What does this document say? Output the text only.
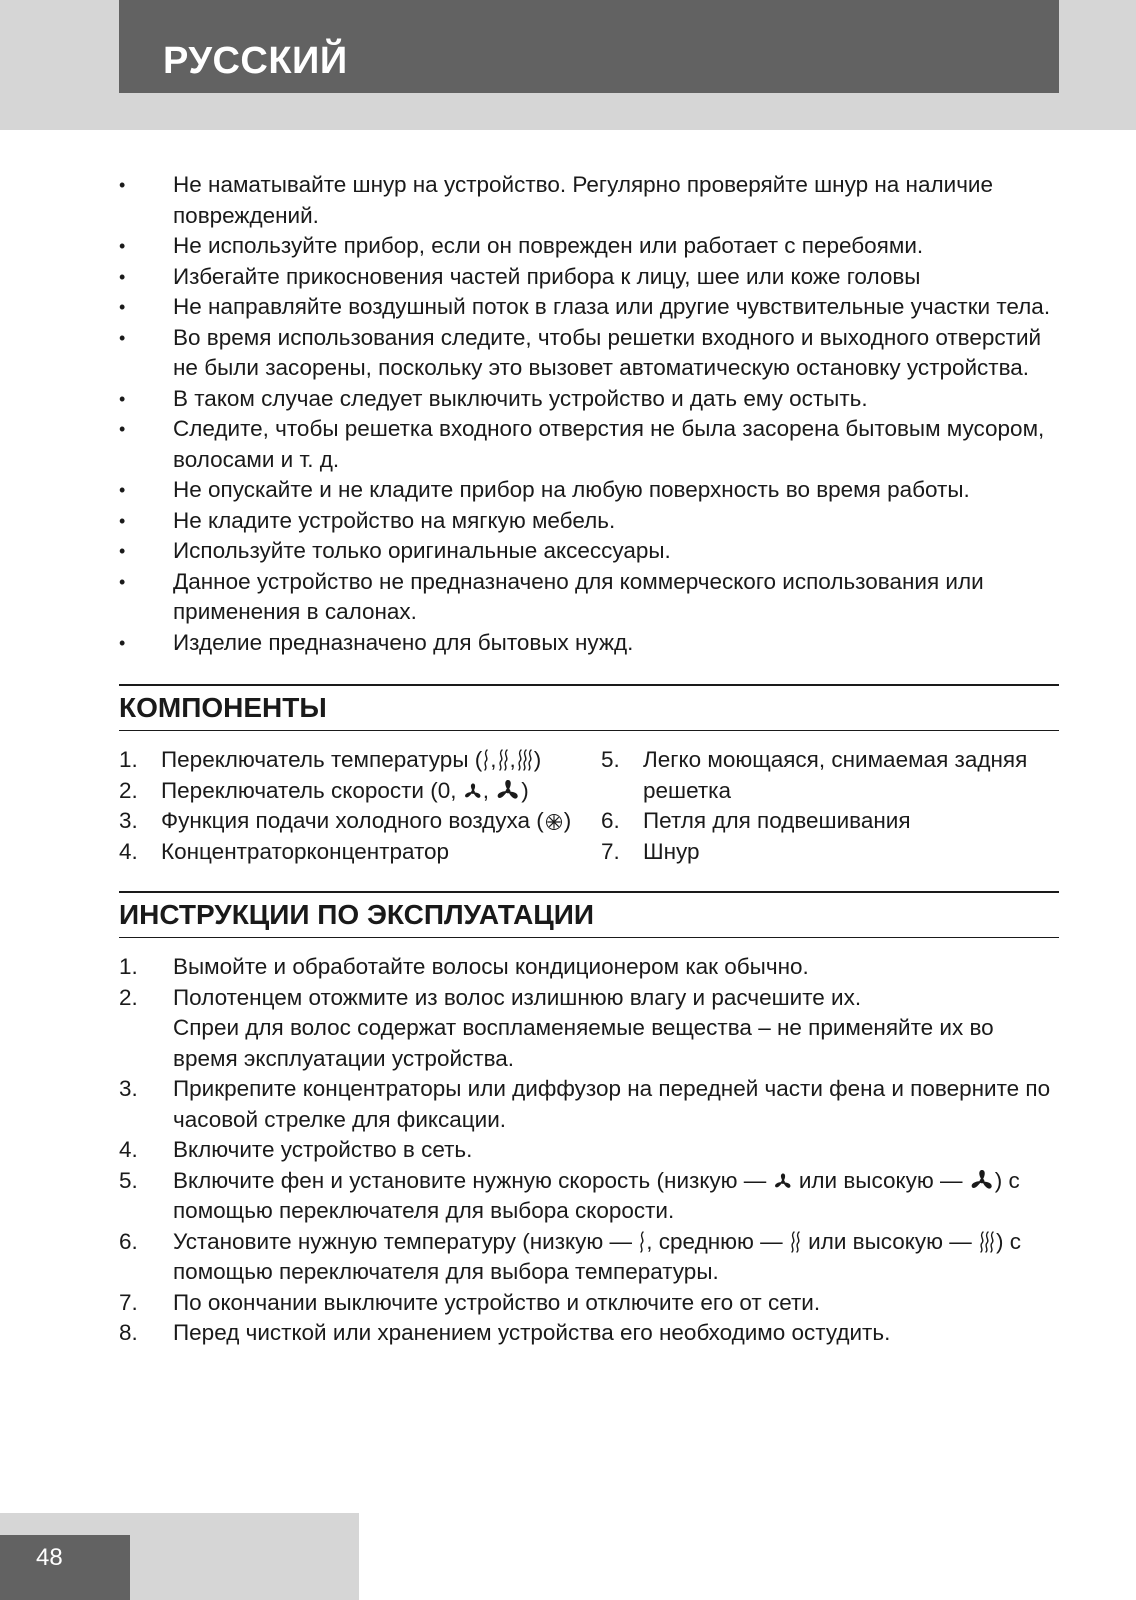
РУССКИЙ
• Не наматывайте шнур на устройство. Регулярно проверяйте шнур на наличие повреждений.
• Не используйте прибор, если он поврежден или работает с перебоями.
• Избегайте прикосновения частей прибора к лицу, шее или коже головы
• Не направляйте воздушный поток в глаза или другие чувствительные участки тела.
• Во время использования следите, чтобы решетки входного и выходного отверстий не были засорены, поскольку это вызовет автоматическую остановку устройства.
• В таком случае следует выключить устройство и дать ему остыть.
• Следите, чтобы решетка входного отверстия не была засорена бытовым мусором, волосами и т. д.
• Не опускайте и не кладите прибор на любую поверхность во время работы.
• Не кладите устройство на мягкую мебель.
• Используйте только оригинальные аксессуары.
• Данное устройство не предназначено для коммерческого использования или применения в салонах.
• Изделие предназначено для бытовых нужд.
КОМПОНЕНТЫ
1. Переключатель температуры ( , , )
2. Переключатель скорости (0, , )
3. Функция подачи холодного воздуха ( )
4. Концентраторконцентратор
5. Легко моющаяся, снимаемая задняя решетка
6. Петля для подвешивания
7. Шнур
ИНСТРУКЦИИ ПО ЭКСПЛУАТАЦИИ
1. Вымойте и обработайте волосы кондиционером как обычно.
2. Полотенцем отожмите из волос излишнюю влагу и расчешите их.
Спреи для волос содержат воспламеняемые вещества – не применяйте их во время эксплуатации устройства.
3. Прикрепите концентраторы или диффузор на передней части фена и поверните по часовой стрелке для фиксации.
4. Включите устройство в сеть.
5. Включите фен и установите нужную скорость (низкую —  или высокую — ) с помощью переключателя для выбора скорости.
6. Установите нужную температуру (низкую — , среднюю —  или высокую — ) с помощью переключателя для выбора температуры.
7. По окончании выключите устройство и отключите его от сети.
8. Перед чисткой или хранением устройства его необходимо остудить.
48
